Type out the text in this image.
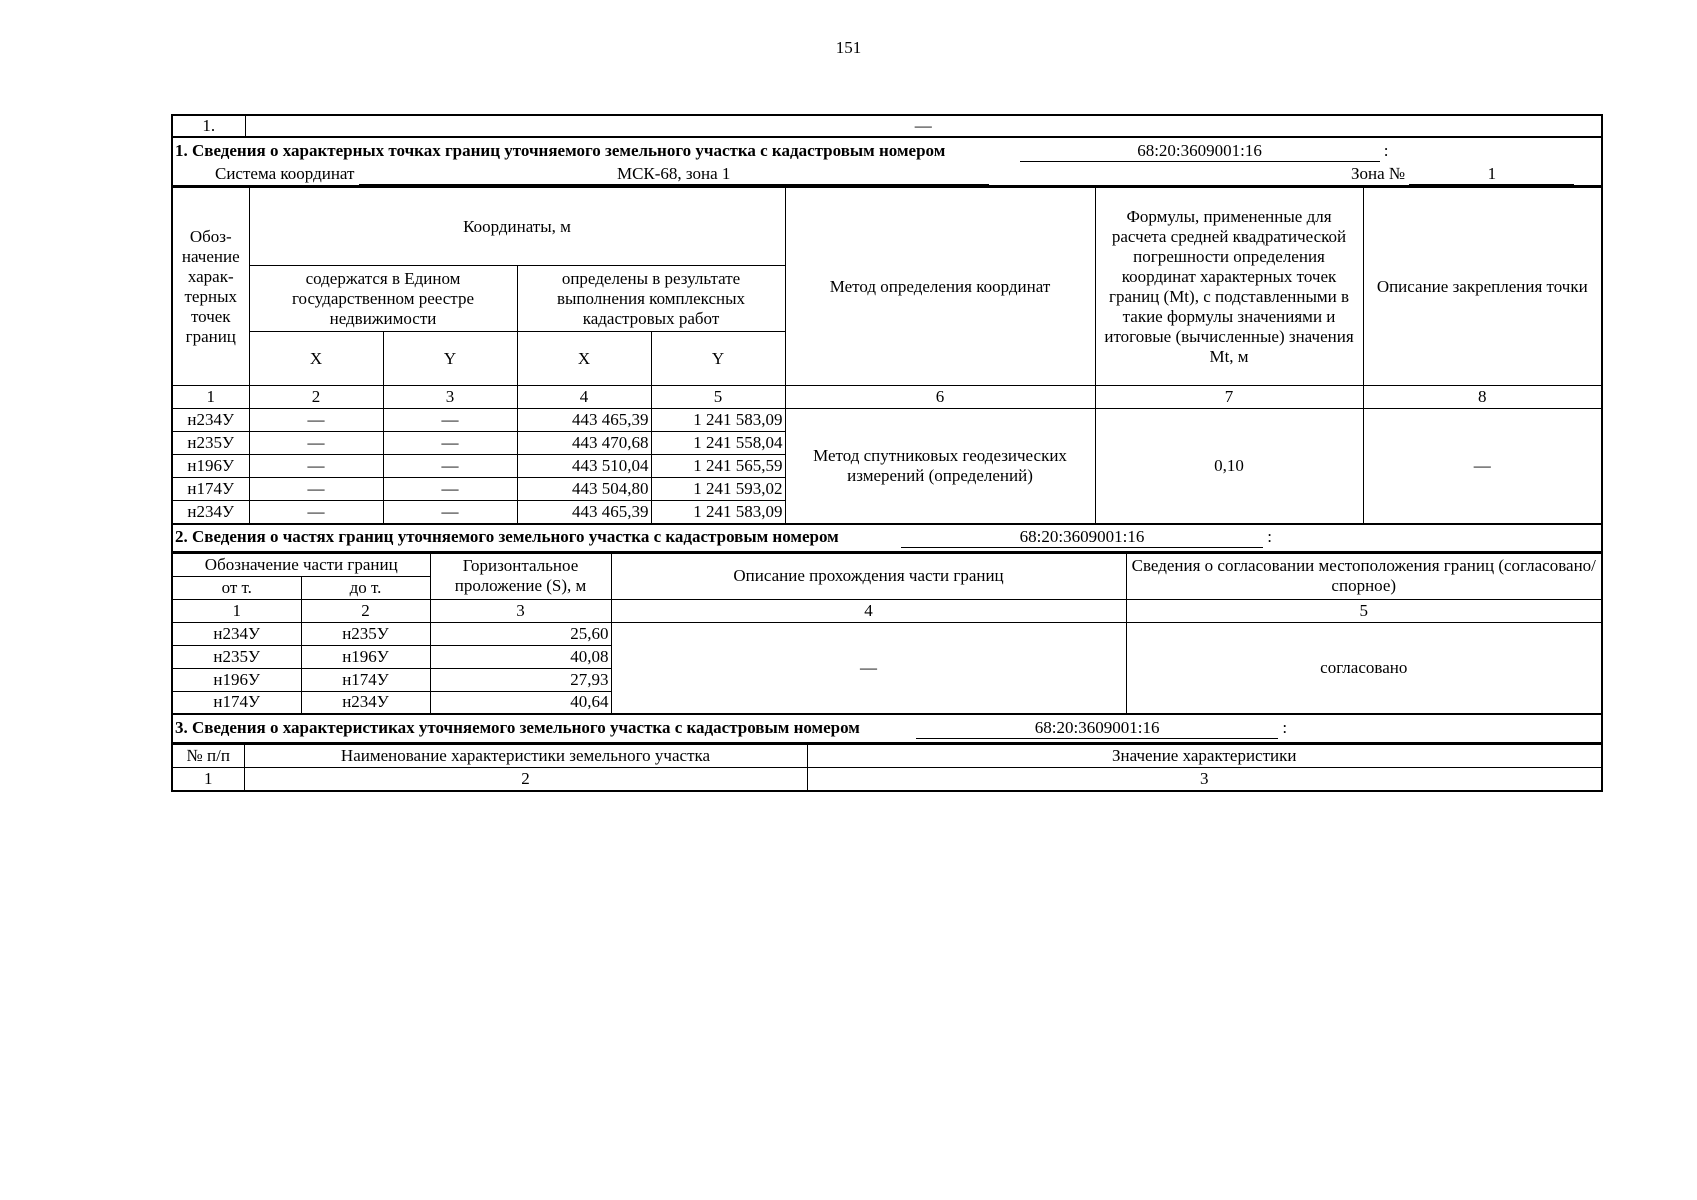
151
1.	—
1. Сведения о характерных точках границ уточняемого земельного участка с кадастровым номером	68:20:3609001:16	:
Система координат	МСК-68, зона 1	Зона №	1
Обоз-начение харак-терных точек границ	Координаты, м				Метод определения координат	Формулы, примененные для расчета средней квадратической погрешности определения координат характерных точек границ (Mt), с подставленными в такие формулы значениями и итоговые (вычисленные) значения Mt, м	Описание закрепления точки
	содержатся в Едином государственном реестре недвижимости		определены в результате выполнения комплексных кадастровых работ				
	X	Y	X	Y			
1	2	3	4	5	6	7	8
н234У	—	—	443 465,39	1 241 583,09	Метод спутниковых геодезических измерений (определений)	0,10	—
н235У	—	—	443 470,68	1 241 558,04			
н196У	—	—	443 510,04	1 241 565,59			
н174У	—	—	443 504,80	1 241 593,02			
н234У	—	—	443 465,39	1 241 583,09			
2. Сведения о частях границ уточняемого земельного участка с кадастровым номером	68:20:3609001:16	:
Обозначение части границ		Горизонтальное проложение (S), м	Описание прохождения части границ	Сведения о согласовании местоположения границ (согласовано/спорное)
от т.	до т.			
1	2	3	4	5
н234У	н235У	25,60	—	согласовано
н235У	н196У	40,08		
н196У	н174У	27,93		
н174У	н234У	40,64		
3. Сведения о характеристиках уточняемого земельного участка с кадастровым номером	68:20:3609001:16	:
№ п/п	Наименование характеристики земельного участка	Значение характеристики
1	2	3
